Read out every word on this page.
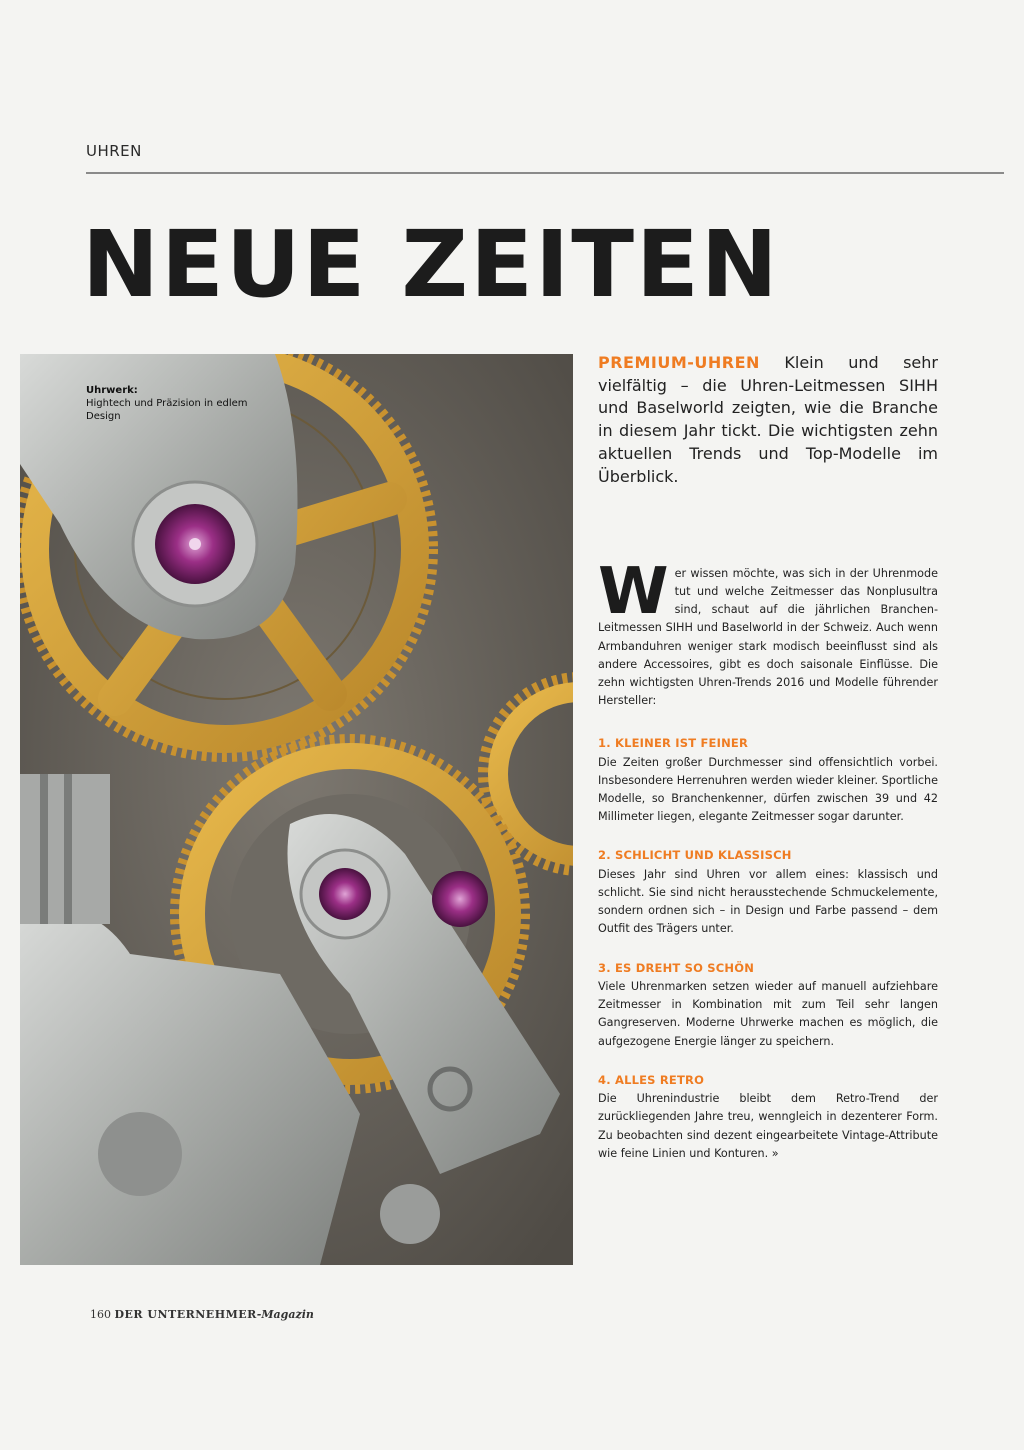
UHREN
NEUE ZEITEN
Uhrwerk:
Hightech und Präzision in edlem Design

PREMIUM-UHREN Klein und sehr vielfältig – die Uhren-Leitmessen SIHH und Baselworld zeigten, wie die Branche in diesem Jahr tickt. Die wichtigsten zehn aktuellen Trends und Top-Modelle im Überblick.

W er wissen möchte, was sich in der Uhrenmode tut und welche Zeitmesser das Nonplusultra sind, schaut auf die jährlichen Branchen-Leitmessen SIHH und Baselworld in der Schweiz. Auch wenn Armbanduhren weniger stark modisch beeinflusst sind als andere Accessoires, gibt es doch saisonale Einflüsse. Die zehn wichtigsten Uhren-Trends 2016 und Modelle führender Hersteller:

1. KLEINER IST FEINER

Die Zeiten großer Durchmesser sind offensichtlich vorbei. Insbesondere Herrenuhren werden wieder kleiner. Sportliche Modelle, so Branchenkenner, dürfen zwischen 39 und 42 Millimeter liegen, elegante Zeitmesser sogar darunter.

2. SCHLICHT UND KLASSISCH

Dieses Jahr sind Uhren vor allem eines: klassisch und schlicht. Sie sind nicht herausstechende Schmuckelemente, sondern ordnen sich – in Design und Farbe passend – dem Outfit des Trägers unter.

3. ES DREHT SO SCHÖN

Viele Uhrenmarken setzen wieder auf manuell aufziehbare Zeitmesser in Kombination mit zum Teil sehr langen Gangreserven. Moderne Uhrwerke machen es möglich, die aufgezogene Energie länger zu speichern.

4. ALLES RETRO

Die Uhrenindustrie bleibt dem Retro-Trend der zurückliegenden Jahre treu, wenngleich in dezenterer Form. Zu beobachten sind dezent eingearbeitete Vintage-Attribute wie feine Linien und Konturen. »

160 DER UNTERNEHMER-Magazin
